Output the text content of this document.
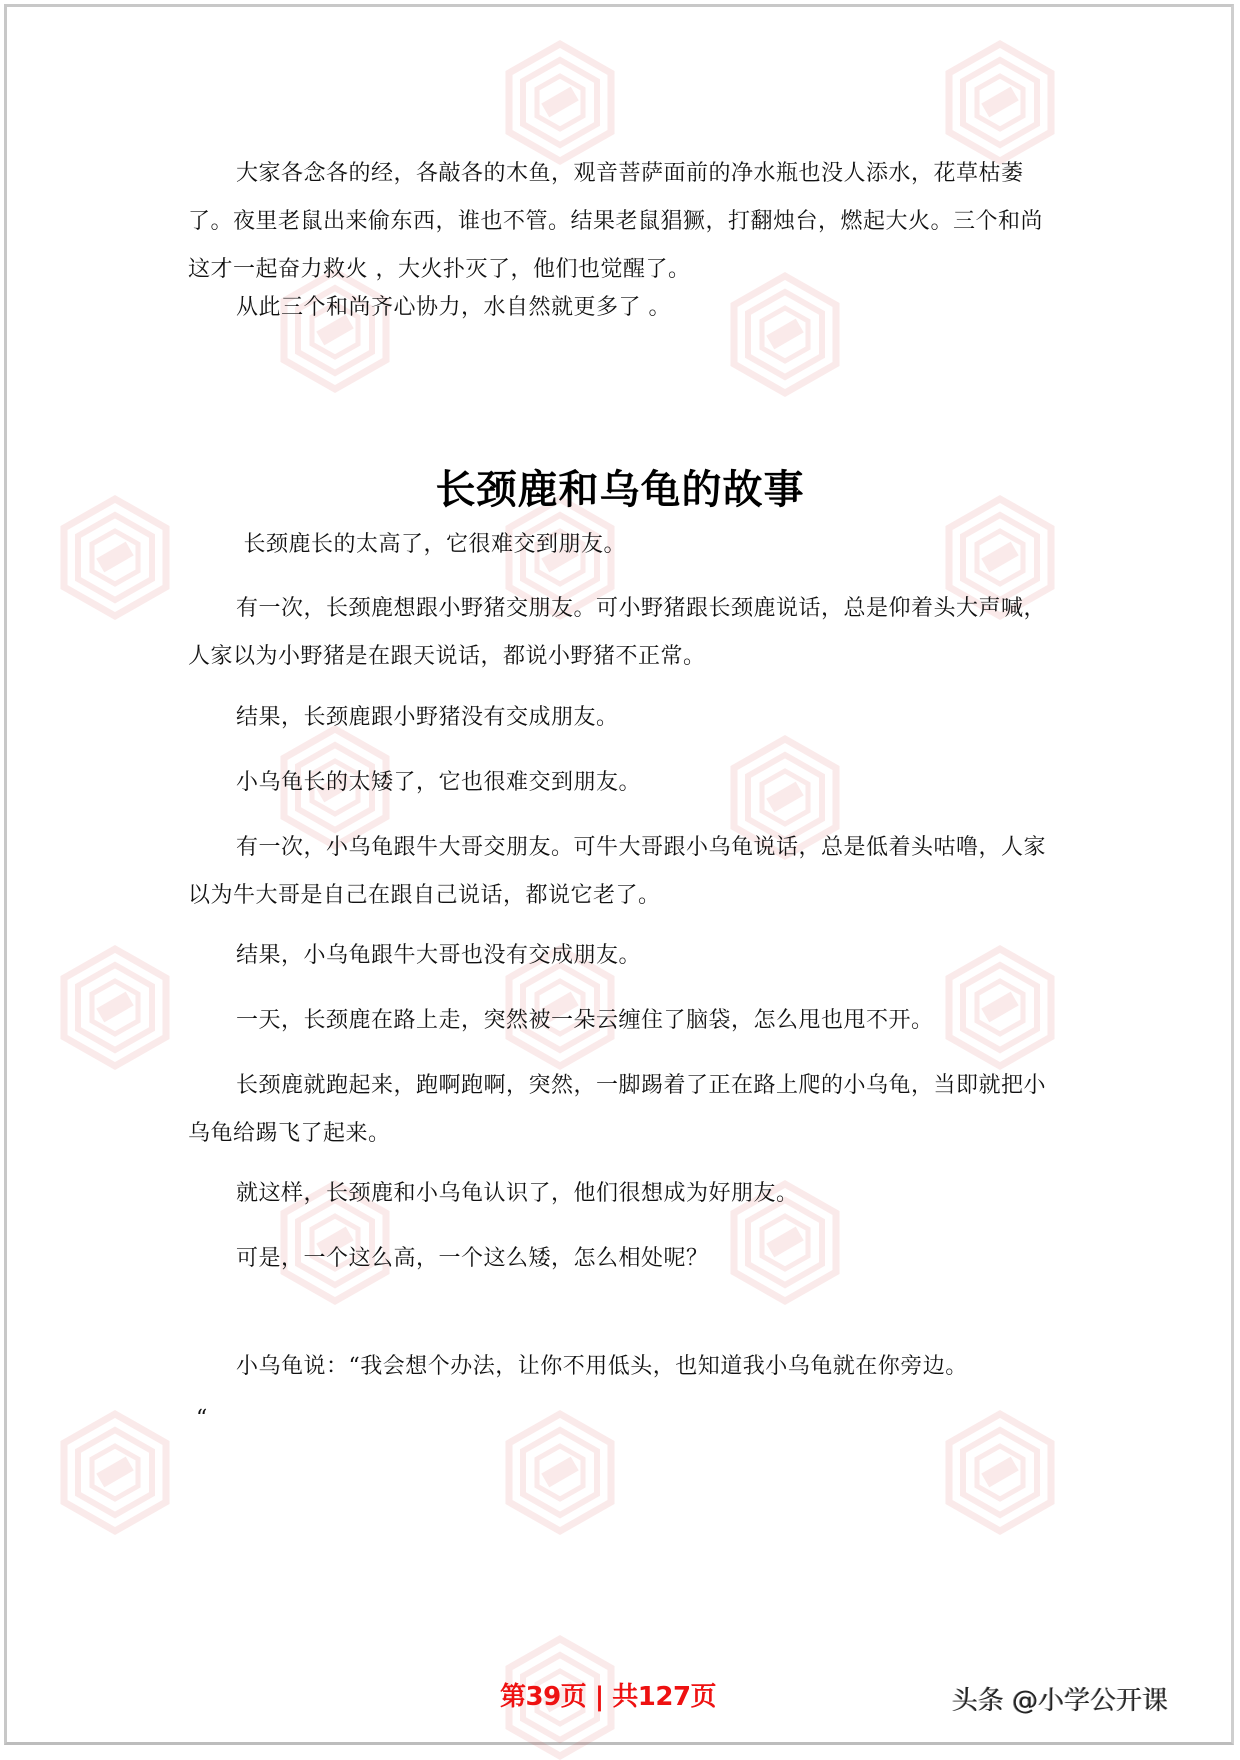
大家各念各的经，各敲各的木鱼，观音菩萨面前的净水瓶也没人添水，花草枯萎了。夜里老鼠出来偷东西，谁也不管。结果老鼠猖獗，打翻烛台，燃起大火。三个和尚这才一起奋力救火 ，大火扑灭了，他们也觉醒了。

从此三个和尚齐心协力，水自然就更多了 。

长颈鹿和乌龟的故事

长颈鹿长的太高了，它很难交到朋友。

有一次，长颈鹿想跟小野猪交朋友。可小野猪跟长颈鹿说话，总是仰着头大声喊，人家以为小野猪是在跟天说话，都说小野猪不正常。

结果，长颈鹿跟小野猪没有交成朋友。

小乌龟长的太矮了，它也很难交到朋友。

有一次，小乌龟跟牛大哥交朋友。可牛大哥跟小乌龟说话，总是低着头咕噜，人家以为牛大哥是自己在跟自己说话，都说它老了。

结果，小乌龟跟牛大哥也没有交成朋友。

一天，长颈鹿在路上走，突然被一朵云缠住了脑袋，怎么甩也甩不开。

长颈鹿就跑起来，跑啊跑啊，突然，一脚踢着了正在路上爬的小乌龟，当即就把小乌龟给踢飞了起来。

就这样，长颈鹿和小乌龟认识了，他们很想成为好朋友。

可是，一个这么高，一个这么矮，怎么相处呢？

小乌龟说：“我会想个办法，让你不用低头，也知道我小乌龟就在你旁边。

“

第39页 | 共127页	头条 @小学公开课
